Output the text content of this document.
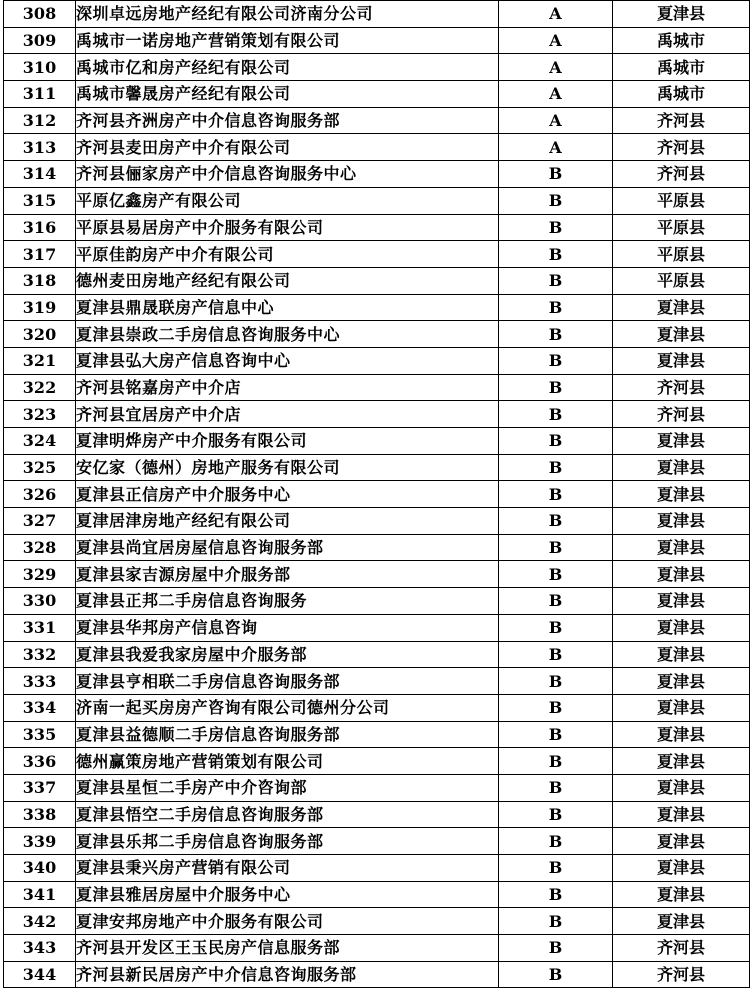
308	深圳卓远房地产经纪有限公司济南分公司	A	夏津县
309	禹城市一诺房地产营销策划有限公司	A	禹城市
310	禹城市亿和房产经纪有限公司	A	禹城市
311	禹城市馨晟房产经纪有限公司	A	禹城市
312	齐河县齐洲房产中介信息咨询服务部	A	齐河县
313	齐河县麦田房产中介有限公司	A	齐河县
314	齐河县俪家房产中介信息咨询服务中心	B	齐河县
315	平原亿鑫房产有限公司	B	平原县
316	平原县易居房产中介服务有限公司	B	平原县
317	平原佳韵房产中介有限公司	B	平原县
318	德州麦田房地产经纪有限公司	B	平原县
319	夏津县鼎晟联房产信息中心	B	夏津县
320	夏津县崇政二手房信息咨询服务中心	B	夏津县
321	夏津县弘大房产信息咨询中心	B	夏津县
322	齐河县铭嘉房产中介店	B	齐河县
323	齐河县宜居房产中介店	B	齐河县
324	夏津明烨房产中介服务有限公司	B	夏津县
325	安亿家（德州）房地产服务有限公司	B	夏津县
326	夏津县正信房产中介服务中心	B	夏津县
327	夏津居津房地产经纪有限公司	B	夏津县
328	夏津县尚宜居房屋信息咨询服务部	B	夏津县
329	夏津县家吉源房屋中介服务部	B	夏津县
330	夏津县正邦二手房信息咨询服务	B	夏津县
331	夏津县华邦房产信息咨询	B	夏津县
332	夏津县我爱我家房屋中介服务部	B	夏津县
333	夏津县亨相联二手房信息咨询服务部	B	夏津县
334	济南一起买房房产咨询有限公司德州分公司	B	夏津县
335	夏津县益德顺二手房信息咨询服务部	B	夏津县
336	德州赢策房地产营销策划有限公司	B	夏津县
337	夏津县星恒二手房产中介咨询部	B	夏津县
338	夏津县悟空二手房信息咨询服务部	B	夏津县
339	夏津县乐邦二手房信息咨询服务部	B	夏津县
340	夏津县秉兴房产营销有限公司	B	夏津县
341	夏津县雅居房屋中介服务中心	B	夏津县
342	夏津安邦房地产中介服务有限公司	B	夏津县
343	齐河县开发区王玉民房产信息服务部	B	齐河县
344	齐河县新民居房产中介信息咨询服务部	B	齐河县
